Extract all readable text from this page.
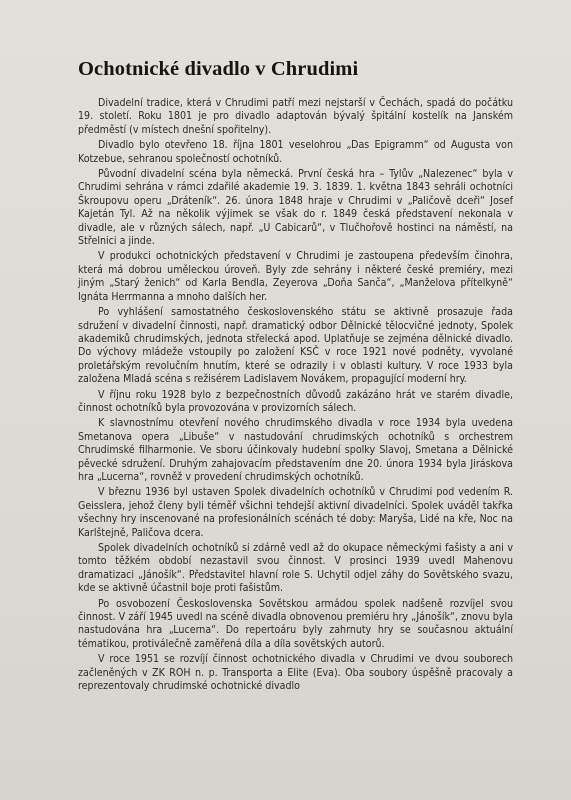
Ochotnické divadlo v Chrudimi

Divadelní tradice, která v Chrudimi patří mezi nejstarší v Čechách, spadá do počátku 19. století. Roku 1801 je pro divadlo adaptován bývalý špitální kostelík na Janském předměstí (v místech dnešní spořitelny).

Divadlo bylo otevřeno 18. října 1801 veselohrou „Das Epigramm“ od Augusta von Kotzebue, sehranou společností ochotníků.

Původní divadelní scéna byla německá. První česká hra – Tylův „Nalezenec“ byla v Chrudimi sehrána v rámci zdařilé akademie 19. 3. 1839. 1. května 1843 sehráli ochotníci Škroupovu operu „Dráteník“. 26. února 1848 hraje v Chrudimi v „Paličově dceři“ Josef Kajetán Tyl. Až na několik výjimek se však do r. 1849 česká představení nekonala v divadle, ale v různých sálech, např. „U Cabicarů“, v Tlučhořově hostinci na náměstí, na Střelnici a jinde.

V produkci ochotnických představení v Chrudimi je zastoupena především činohra, která má dobrou uměleckou úroveň. Byly zde sehrány i některé české premiéry, mezi jiným „Starý ženich“ od Karla Bendla, Zeyerova „Doňa Sanča“, „Manželova přítelkyně“ Ignáta Herrmanna a mnoho dalších her.

Po vyhlášení samostatného československého státu se aktivně prosazuje řada sdružení v divadelní činnosti, např. dramatický odbor Dělnické tělocvičné jednoty, Spolek akademiků chrudimských, jednota střelecká apod. Uplatňuje se zejména dělnické divadlo. Do výchovy mládeže vstoupily po založení KSČ v roce 1921 nové podněty, vyvolané proletářským revolučním hnutím, které se odrazily i v oblasti kultury. V roce 1933 byla založena Mladá scéna s režisérem Ladislavem Novákem, propagující moderní hry.

V říjnu roku 1928 bylo z bezpečnostních důvodů zakázáno hrát ve starém divadle, činnost ochotníků byla provozována v provizorních sálech.

K slavnostnímu otevření nového chrudimského divadla v roce 1934 byla uvedena Smetanova opera „Libuše“ v nastudování chrudimských ochotníků s orchestrem Chrudimské filharmonie. Ve sboru účinkovaly hudební spolky Slavoj, Smetana a Dělnické pěvecké sdružení. Druhým zahajovacím představením dne 20. února 1934 byla Jiráskova hra „Lucerna“, rovněž v provedení chrudimských ochotníků.

V březnu 1936 byl ustaven Spolek divadelních ochotníků v Chrudimi pod vedením R. Geisslera, jehož členy byli téměř všichni tehdejší aktivní divadelníci. Spolek uváděl takřka všechny hry inscenované na profesionálních scénách té doby: Maryša, Lidé na kře, Noc na Karlštejně, Paličova dcera.

Spolek divadelních ochotníků si zdárně vedl až do okupace německými fašisty a ani v tomto těžkém období nezastavil svou činnost. V prosinci 1939 uvedl Mahenovu dramatizaci „Jánošík“. Představitel hlavní role S. Uchytil odjel záhy do Sovětského svazu, kde se aktivně účastnil boje proti fašistům.

Po osvobození Československa Sovětskou armádou spolek nadšeně rozvíjel svou činnost. V září 1945 uvedl na scéně divadla obnovenou premiéru hry „Jánošík“, znovu byla nastudována hra „Lucerna“. Do repertoáru byly zahrnuty hry se současnou aktuální tématikou, protiválečně zaměřená díla a díla sovětských autorů.

V roce 1951 se rozvíjí činnost ochotnického divadla v Chrudimi ve dvou souborech začleněných v ZK ROH n. p. Transporta a Elite (Eva). Oba soubory úspěšně pracovaly a reprezentovaly chrudimské ochotnické divadlo
